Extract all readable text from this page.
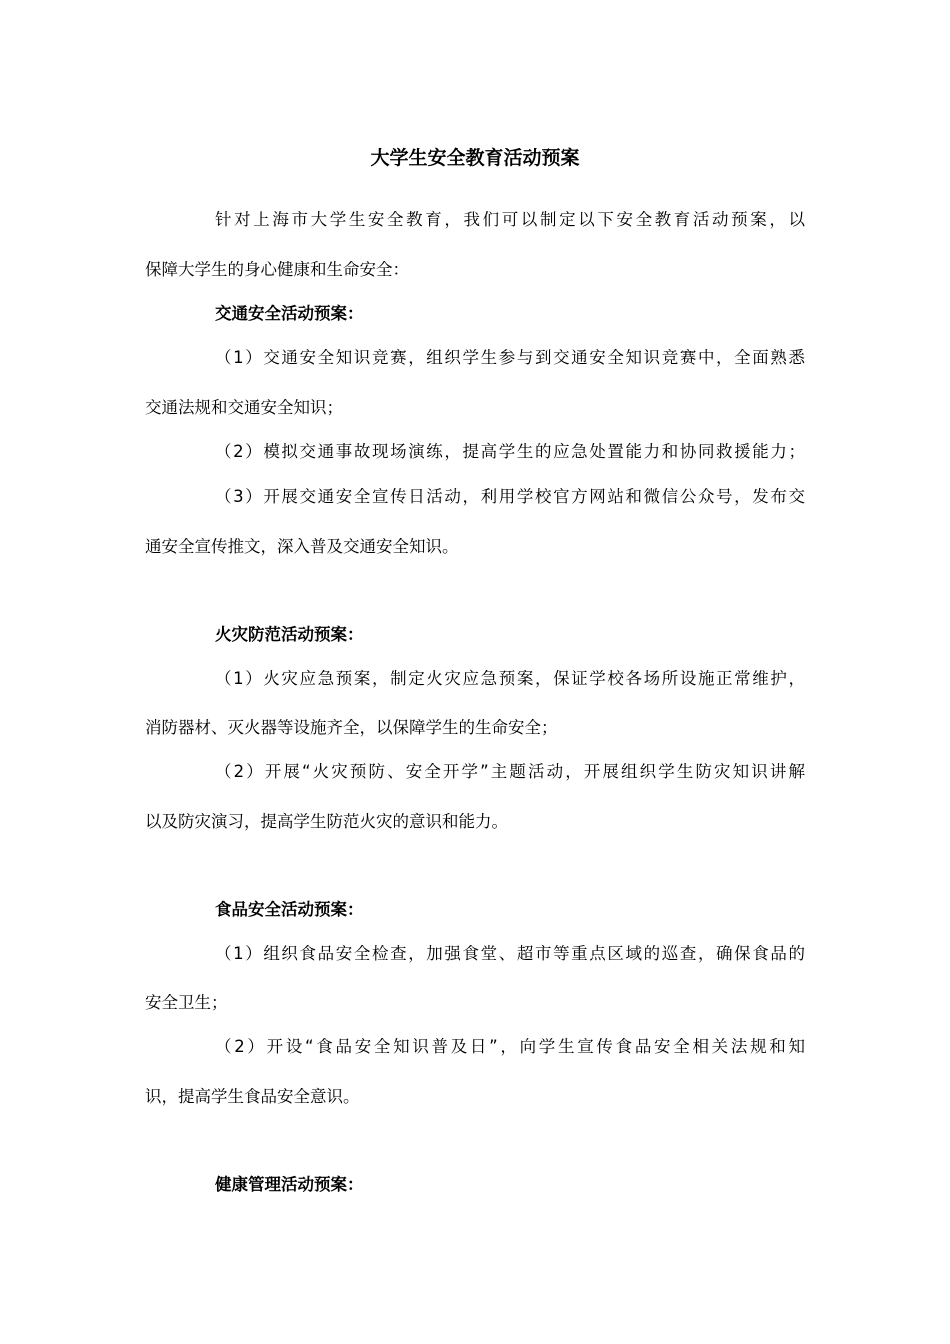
大学生安全教育活动预案
针对上海市大学生安全教育，我们可以制定以下安全教育活动预案，以
保障大学生的身心健康和生命安全：
交通安全活动预案：
（1）交通安全知识竞赛，组织学生参与到交通安全知识竞赛中，全面熟悉
交通法规和交通安全知识；
（2）模拟交通事故现场演练，提高学生的应急处置能力和协同救援能力；
（3）开展交通安全宣传日活动，利用学校官方网站和微信公众号，发布交
通安全宣传推文，深入普及交通安全知识。
火灾防范活动预案：
（1）火灾应急预案，制定火灾应急预案，保证学校各场所设施正常维护，
消防器材、灭火器等设施齐全，以保障学生的生命安全；
（2）开展“火灾预防、安全开学”主题活动，开展组织学生防灾知识讲解
以及防灾演习，提高学生防范火灾的意识和能力。
食品安全活动预案：
（1）组织食品安全检查，加强食堂、超市等重点区域的巡查，确保食品的
安全卫生；
（2）开设“食品安全知识普及日”，向学生宣传食品安全相关法规和知
识，提高学生食品安全意识。
健康管理活动预案：
